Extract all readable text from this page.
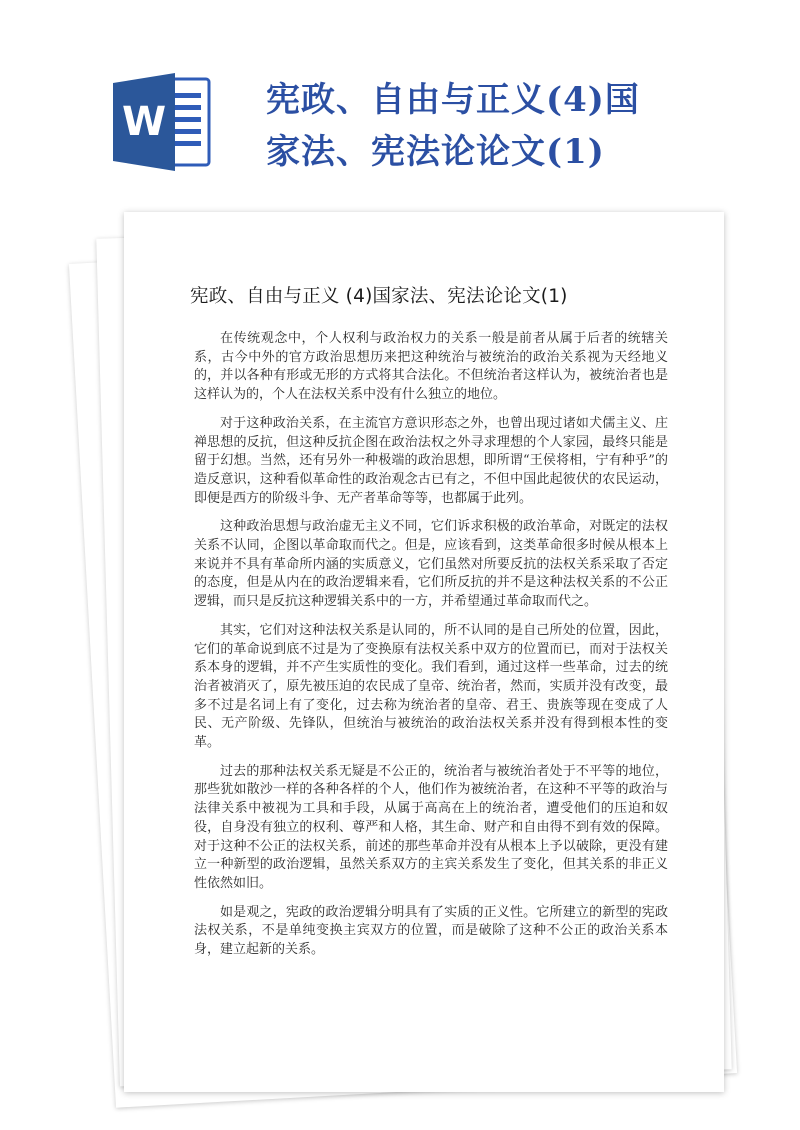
W	宪政、自由与正义(4)国家法、宪法论论文(1)
宪政、自由与正义 (4)国家法、宪法论论文(1)

在传统观念中，个人权利与政治权力的关系一般是前者从属于后者的统辖关系，古今中外的官方政治思想历来把这种统治与被统治的政治关系视为天经地义的，并以各种有形或无形的方式将其合法化。不但统治者这样认为，被统治者也是这样认为的，个人在法权关系中没有什么独立的地位。

对于这种政治关系，在主流官方意识形态之外，也曾出现过诸如犬儒主义、庄禅思想的反抗，但这种反抗企图在政治法权之外寻求理想的个人家园，最终只能是留于幻想。当然，还有另外一种极端的政治思想，即所谓“王侯将相，宁有种乎”的造反意识，这种看似革命性的政治观念古已有之，不但中国此起彼伏的农民运动，即便是西方的阶级斗争、无产者革命等等，也都属于此列。

这种政治思想与政治虚无主义不同，它们诉求积极的政治革命，对既定的法权关系不认同，企图以革命取而代之。但是，应该看到，这类革命很多时候从根本上来说并不具有革命所内涵的实质意义，它们虽然对所要反抗的法权关系采取了否定的态度，但是从内在的政治逻辑来看，它们所反抗的并不是这种法权关系的不公正逻辑，而只是反抗这种逻辑关系中的一方，并希望通过革命取而代之。

其实，它们对这种法权关系是认同的，所不认同的是自己所处的位置，因此，它们的革命说到底不过是为了变换原有法权关系中双方的位置而已，而对于法权关系本身的逻辑，并不产生实质性的变化。我们看到，通过这样一些革命，过去的统治者被消灭了，原先被压迫的农民成了皇帝、统治者，然而，实质并没有改变，最多不过是名词上有了变化，过去称为统治者的皇帝、君王、贵族等现在变成了人民、无产阶级、先锋队，但统治与被统治的政治法权关系并没有得到根本性的变革。

过去的那种法权关系无疑是不公正的，统治者与被统治者处于不平等的地位，那些犹如散沙一样的各种各样的个人，他们作为被统治者，在这种不平等的政治与法律关系中被视为工具和手段，从属于高高在上的统治者，遭受他们的压迫和奴役，自身没有独立的权利、尊严和人格，其生命、财产和自由得不到有效的保障。对于这种不公正的法权关系，前述的那些革命并没有从根本上予以破除，更没有建立一种新型的政治逻辑，虽然关系双方的主宾关系发生了变化，但其关系的非正义性依然如旧。

如是观之，宪政的政治逻辑分明具有了实质的正义性。它所建立的新型的宪政法权关系，不是单纯变换主宾双方的位置，而是破除了这种不公正的政治关系本身，建立起新的关系。
